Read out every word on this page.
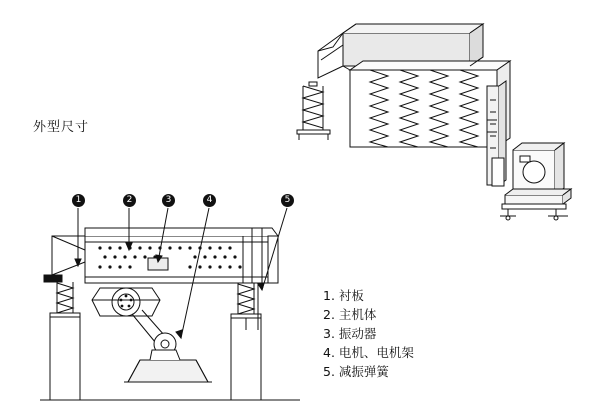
外型尺寸
1	2	3	4	5
1. 衬板
2. 主机体
3. 振动器
4. 电机、电机架
5. 减振弹簧
